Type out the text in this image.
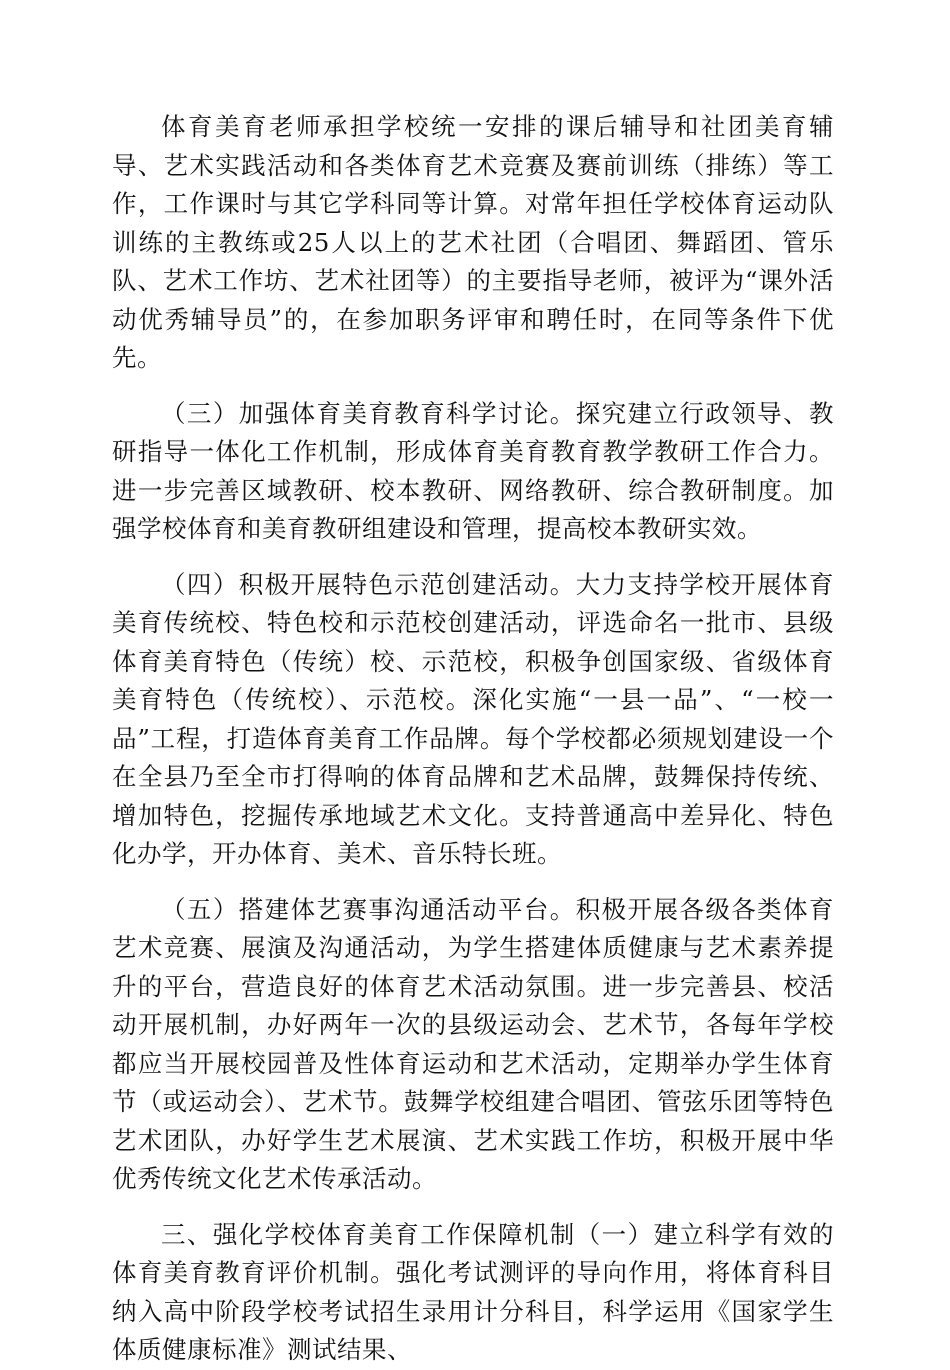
体育美育老师承担学校统一安排的课后辅导和社团美育辅导、艺术实践活动和各类体育艺术竞赛及赛前训练（排练）等工作，工作课时与其它学科同等计算。对常年担任学校体育运动队训练的主教练或25人以上的艺术社团（合唱团、舞蹈团、管乐队、艺术工作坊、艺术社团等）的主要指导老师，被评为“课外活动优秀辅导员”的，在参加职务评审和聘任时，在同等条件下优先。

（三）加强体育美育教育科学讨论。探究建立行政领导、教研指导一体化工作机制，形成体育美育教育教学教研工作合力。进一步完善区域教研、校本教研、网络教研、综合教研制度。加强学校体育和美育教研组建设和管理，提高校本教研实效。

（四）积极开展特色示范创建活动。大力支持学校开展体育美育传统校、特色校和示范校创建活动，评选命名一批市、县级体育美育特色（传统）校、示范校，积极争创国家级、省级体育美育特色（传统校）、示范校。深化实施“一县一品”、“一校一品”工程，打造体育美育工作品牌。每个学校都必须规划建设一个在全县乃至全市打得响的体育品牌和艺术品牌，鼓舞保持传统、增加特色，挖掘传承地域艺术文化。支持普通高中差异化、特色化办学，开办体育、美术、音乐特长班。

（五）搭建体艺赛事沟通活动平台。积极开展各级各类体育艺术竞赛、展演及沟通活动，为学生搭建体质健康与艺术素养提升的平台，营造良好的体育艺术活动氛围。进一步完善县、校活动开展机制，办好两年一次的县级运动会、艺术节，各每年学校都应当开展校园普及性体育运动和艺术活动，定期举办学生体育节（或运动会）、艺术节。鼓舞学校组建合唱团、管弦乐团等特色艺术团队，办好学生艺术展演、艺术实践工作坊，积极开展中华优秀传统文化艺术传承活动。

三、强化学校体育美育工作保障机制（一）建立科学有效的体育美育教育评价机制。强化考试测评的导向作用，将体育科目纳入高中阶段学校考试招生录用计分科目，科学运用《国家学生体质健康标准》测试结果、
